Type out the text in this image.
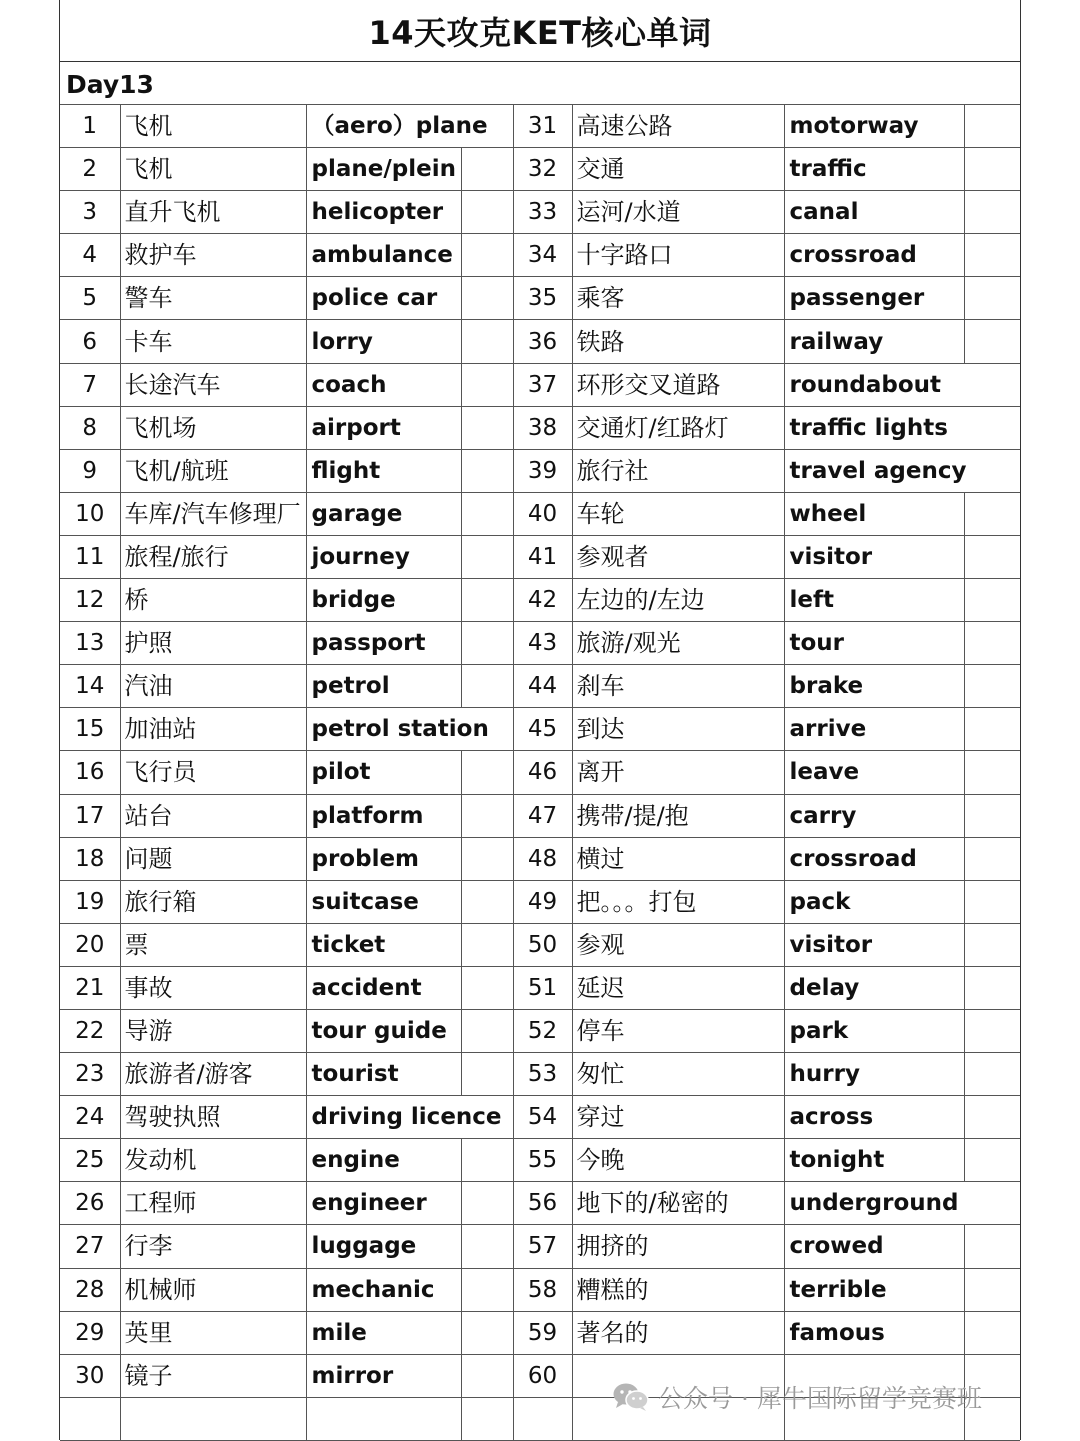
14天攻克KET核心单词
Day13
1	飞机	（aero）plane		31	高速公路	motorway	
2	飞机	plane/plein		32	交通	traffic	
3	直升飞机	helicopter		33	运河/水道	canal	
4	救护车	ambulance		34	十字路口	crossroad	
5	警车	police car		35	乘客	passenger	
6	卡车	lorry		36	铁路	railway	
7	长途汽车	coach		37	环形交叉道路	roundabout	
8	飞机场	airport		38	交通灯/红路灯	traffic lights	
9	飞机/航班	flight		39	旅行社	travel agency	
10	车库/汽车修理厂	garage		40	车轮	wheel	
11	旅程/旅行	journey		41	参观者	visitor	
12	桥	bridge		42	左边的/左边	left	
13	护照	passport		43	旅游/观光	tour	
14	汽油	petrol		44	刹车	brake	
15	加油站	petrol station		45	到达	arrive	
16	飞行员	pilot		46	离开	leave	
17	站台	platform		47	携带/提/抱	carry	
18	问题	problem		48	横过	crossroad	
19	旅行箱	suitcase		49	把。。。打包	pack	
20	票	ticket		50	参观	visitor	
21	事故	accident		51	延迟	delay	
22	导游	tour guide		52	停车	park	
23	旅游者/游客	tourist		53	匆忙	hurry	
24	驾驶执照	driving licence		54	穿过	across	
25	发动机	engine		55	今晚	tonight	
26	工程师	engineer		56	地下的/秘密的	underground	
27	行李	luggage		57	拥挤的	crowed	
28	机械师	mechanic		58	糟糕的	terrible	
29	英里	mile		59	著名的	famous	
30	镜子	mirror		60			

公众号 · 犀牛国际留学竞赛班
